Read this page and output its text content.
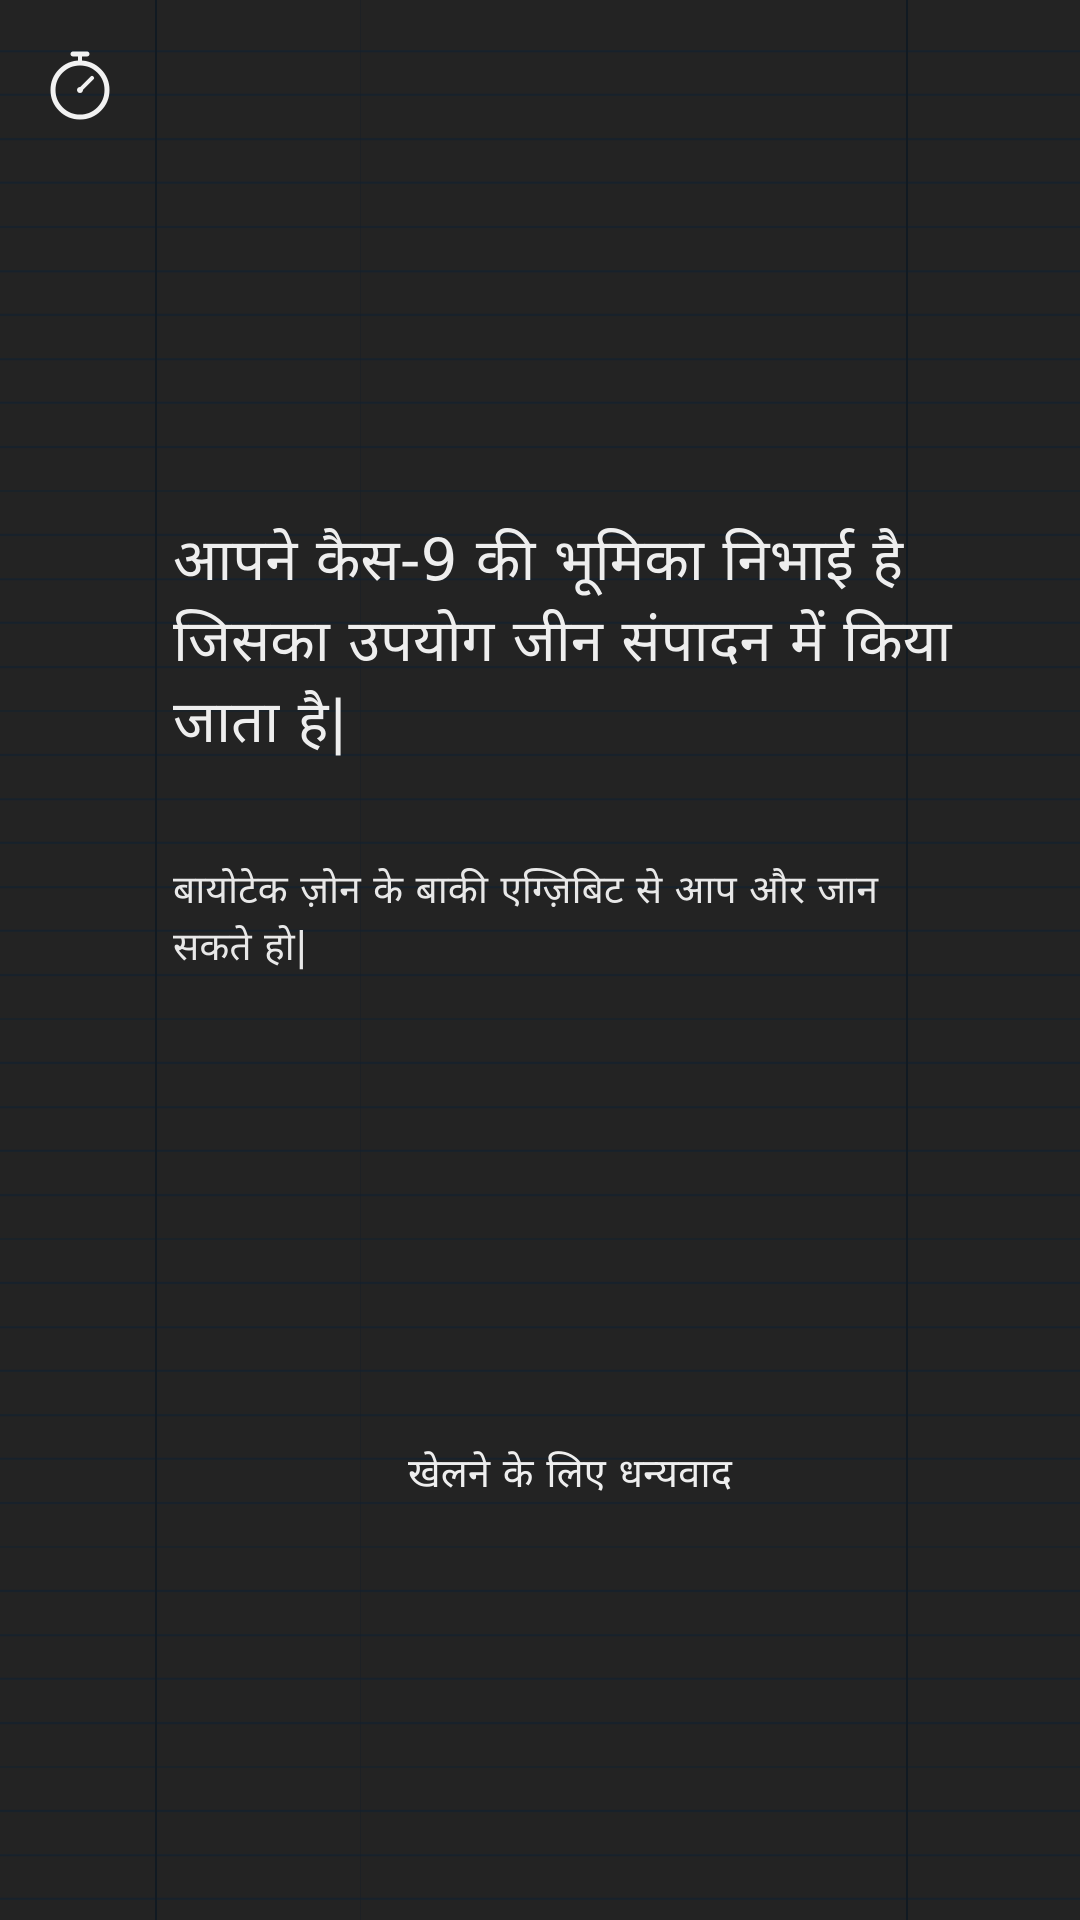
आपने कैस-9 की भूमिका निभाई है जिसका उपयोग जीन संपादन में किया जाता है|

बायोटेक ज़ोन के बाकी एग्ज़िबिट से आप और जान सकते हो|

खेलने के लिए धन्यवाद
